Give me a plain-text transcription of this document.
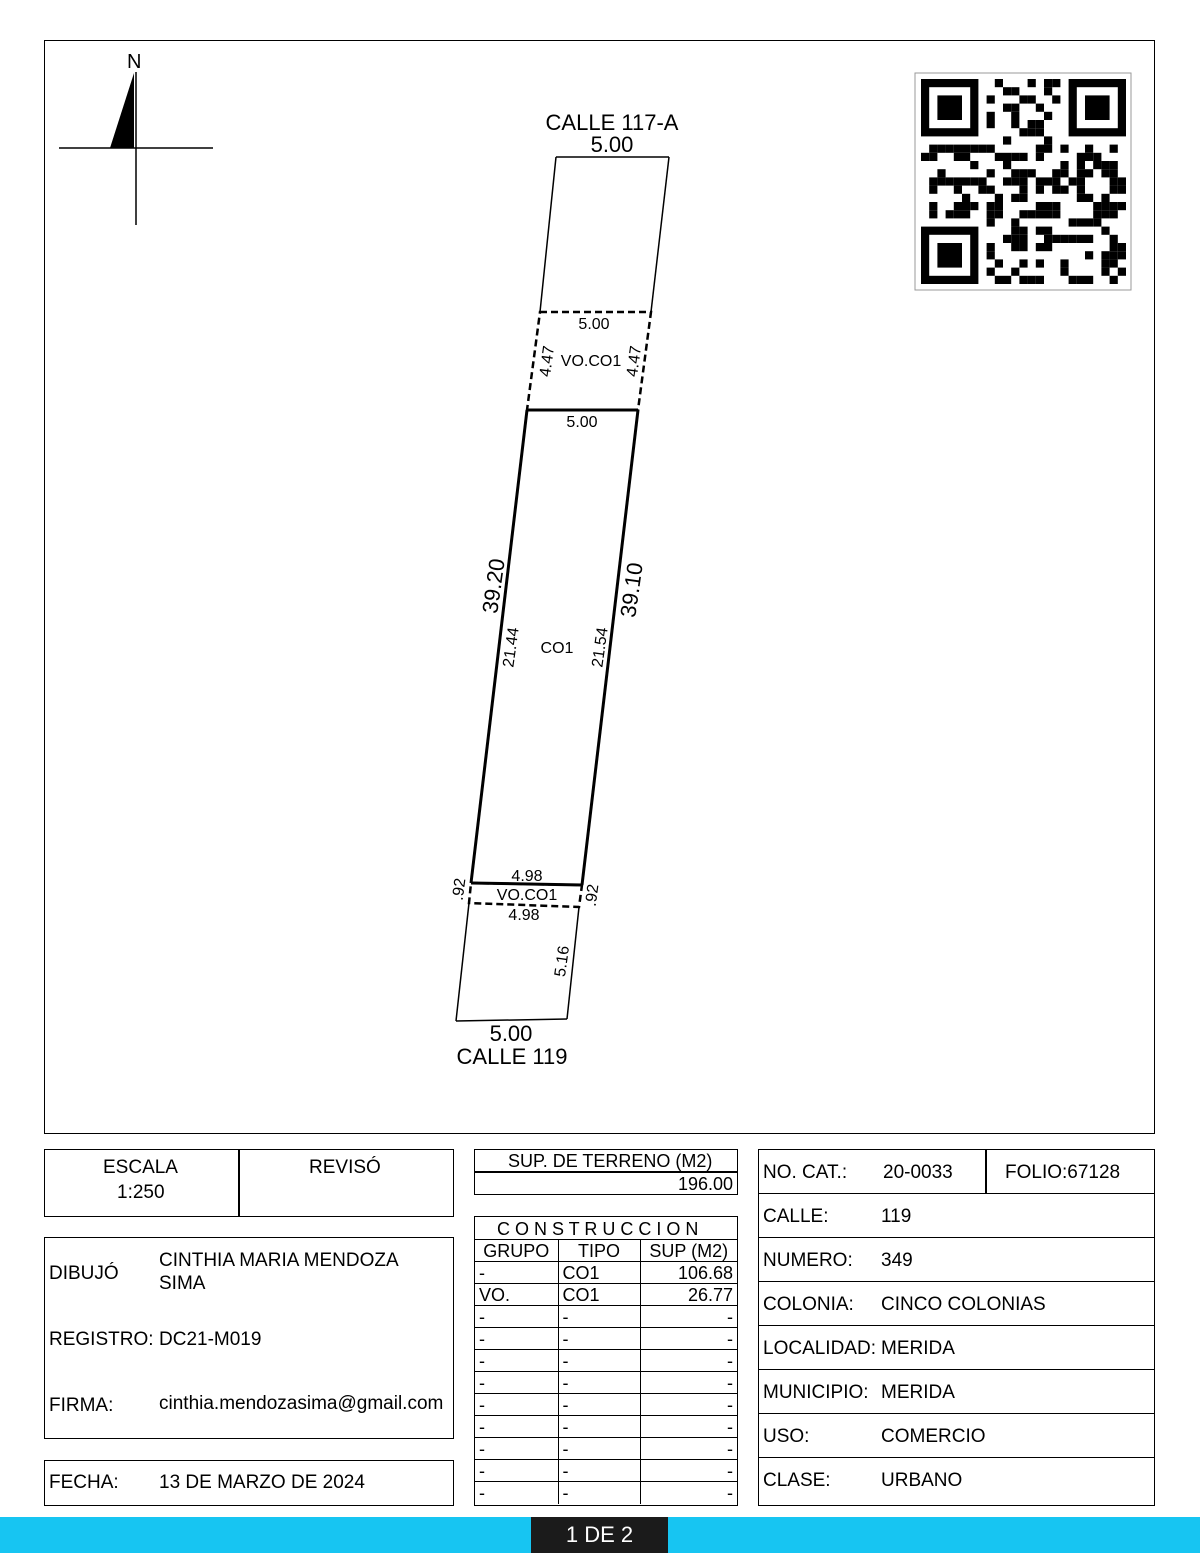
N
CALLE 117-A
5.00
5.00
VO.CO1
4.47	4.47
5.00
39.20	39.10
21.44 CO1 21.54
4.98
VO.CO1
4.98
.92	.92
5.16
5.00
CALLE 119
ESCALA
1:250
REVISÓ
DIBUJÓ
CINTHIA MARIA MENDOZA
SIMA
REGISTRO: DC21-M019
FIRMA: cinthia.mendozasima@gmail.com
FECHA: 13 DE MARZO DE 2024
SUP. DE TERRENO (M2)
196.00
C O N S T R U C C I O N
GRUPO	TIPO	SUP (M2)
-	CO1	106.68
VO.	CO1	26.77
-	-	-
-	-	-
-	-	-
-	-	-
-	-	-
-	-	-
-	-	-
-	-	-
-	-	-
NO. CAT.: 20-0033	FOLIO:67128
CALLE:	119
NUMERO: 349
COLONIA: CINCO COLONIAS
LOCALIDAD: MERIDA
MUNICIPIO: MERIDA
USO:	COMERCIO
CLASE:	URBANO
1 DE 2
